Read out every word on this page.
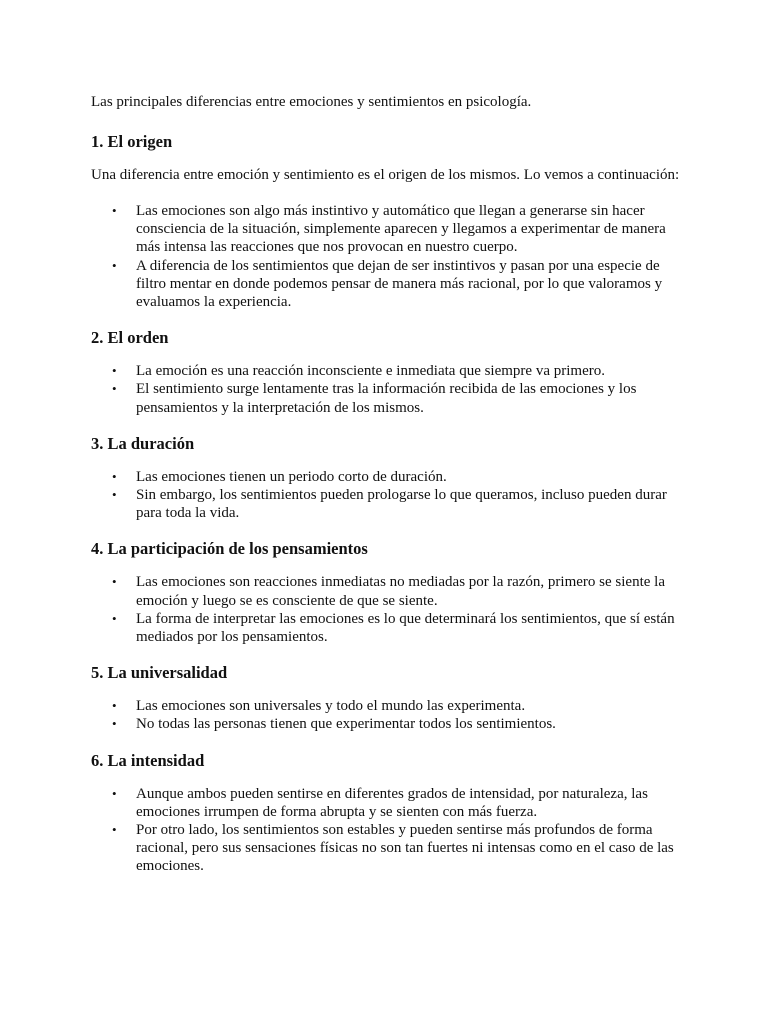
Las principales diferencias entre emociones y sentimientos en psicología.

1. El origen

Una diferencia entre emoción y sentimiento es el origen de los mismos. Lo vemos a continuación:

• Las emociones son algo más instintivo y automático que llegan a generarse sin hacer consciencia de la situación, simplemente aparecen y llegamos a experimentar de manera más intensa las reacciones que nos provocan en nuestro cuerpo.
• A diferencia de los sentimientos que dejan de ser instintivos y pasan por una especie de filtro mentar en donde podemos pensar de manera más racional, por lo que valoramos y evaluamos la experiencia.
2. El orden
• La emoción es una reacción inconsciente e inmediata que siempre va primero.
• El sentimiento surge lentamente tras la información recibida de las emociones y los pensamientos y la interpretación de los mismos.
3. La duración
• Las emociones tienen un periodo corto de duración.
• Sin embargo, los sentimientos pueden prologarse lo que queramos, incluso pueden durar para toda la vida.
4. La participación de los pensamientos
• Las emociones son reacciones inmediatas no mediadas por la razón, primero se siente la emoción y luego se es consciente de que se siente.
• La forma de interpretar las emociones es lo que determinará los sentimientos, que sí están mediados por los pensamientos.
5. La universalidad
• Las emociones son universales y todo el mundo las experimenta.
• No todas las personas tienen que experimentar todos los sentimientos.
6. La intensidad
• Aunque ambos pueden sentirse en diferentes grados de intensidad, por naturaleza, las emociones irrumpen de forma abrupta y se sienten con más fuerza.
• Por otro lado, los sentimientos son estables y pueden sentirse más profundos de forma racional, pero sus sensaciones físicas no son tan fuertes ni intensas como en el caso de las emociones.
